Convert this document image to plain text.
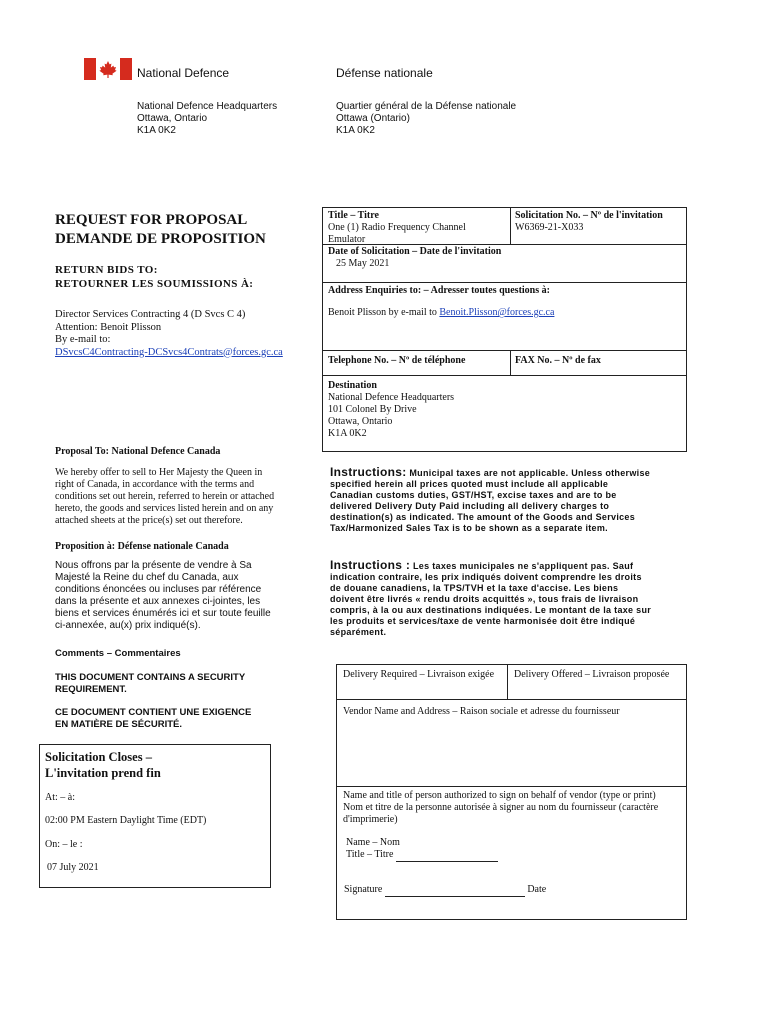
National Defence	Défense nationale
National Defence Headquarters
Ottawa, Ontario
K1A 0K2
Quartier général de la Défense nationale
Ottawa (Ontario)
K1A 0K2
REQUEST FOR PROPOSAL
DEMANDE DE PROPOSITION
RETURN BIDS TO:
RETOURNER LES SOUMISSIONS À:
Director Services Contracting 4 (D Svcs C 4)
Attention: Benoit Plisson
By e-mail to:
DSvcsC4Contracting-DCSvcs4Contrats@forces.gc.ca
Title – Titre
One (1) Radio Frequency Channel
Emulator
Solicitation No. – Nº de l'invitation
W6369-21-X033
Date of Solicitation – Date de l'invitation
25 May 2021
Address Enquiries to: – Adresser toutes questions à:
Benoit Plisson by e-mail to Benoit.Plisson@forces.gc.ca
Telephone No. – Nº de téléphone	FAX No. – Nº de fax
Destination
National Defence Headquarters
101 Colonel By Drive
Ottawa, Ontario
K1A 0K2
Proposal To: National Defence Canada
We hereby offer to sell to Her Majesty the Queen in
right of Canada, in accordance with the terms and
conditions set out herein, referred to herein or attached
hereto, the goods and services listed herein and on any
attached sheets at the price(s) set out therefore.
Proposition à: Défense nationale Canada
Nous offrons par la présente de vendre à Sa
Majesté la Reine du chef du Canada, aux
conditions énoncées ou incluses par référence
dans la présente et aux annexes ci-jointes, les
biens et services énumérés ici et sur toute feuille
ci-annexée, au(x) prix indiqué(s).
Instructions: Municipal taxes are not applicable. Unless otherwise specified herein all prices quoted must include all applicable Canadian customs duties, GST/HST, excise taxes and are to be delivered Delivery Duty Paid including all delivery charges to destination(s) as indicated. The amount of the Goods and Services Tax/Harmonized Sales Tax is to be shown as a separate item.
Instructions : Les taxes municipales ne s'appliquent pas. Sauf indication contraire, les prix indiqués doivent comprendre les droits de douane canadiens, la TPS/TVH et la taxe d'accise. Les biens doivent être livrés « rendu droits acquittés », tous frais de livraison compris, à la ou aux destinations indiquées. Le montant de la taxe sur les produits et services/taxe de vente harmonisée doit être indiqué séparément.
Comments – Commentaires
THIS DOCUMENT CONTAINS A SECURITY
REQUIREMENT.
CE DOCUMENT CONTIENT UNE EXIGENCE
EN MATIÈRE DE SÉCURITÉ.
Solicitation Closes –
L'invitation prend fin
At: – à:
02:00 PM Eastern Daylight Time (EDT)
On: – le :
07 July 2021
Delivery Required – Livraison exigée Delivery Offered – Livraison proposée
Vendor Name and Address – Raison sociale et adresse du fournisseur
Name and title of person authorized to sign on behalf of vendor (type or print)
Nom et titre de la personne autorisée à signer au nom du fournisseur (caractère
d'imprimerie)
Name – Nom
Title – Titre
Signature	Date
